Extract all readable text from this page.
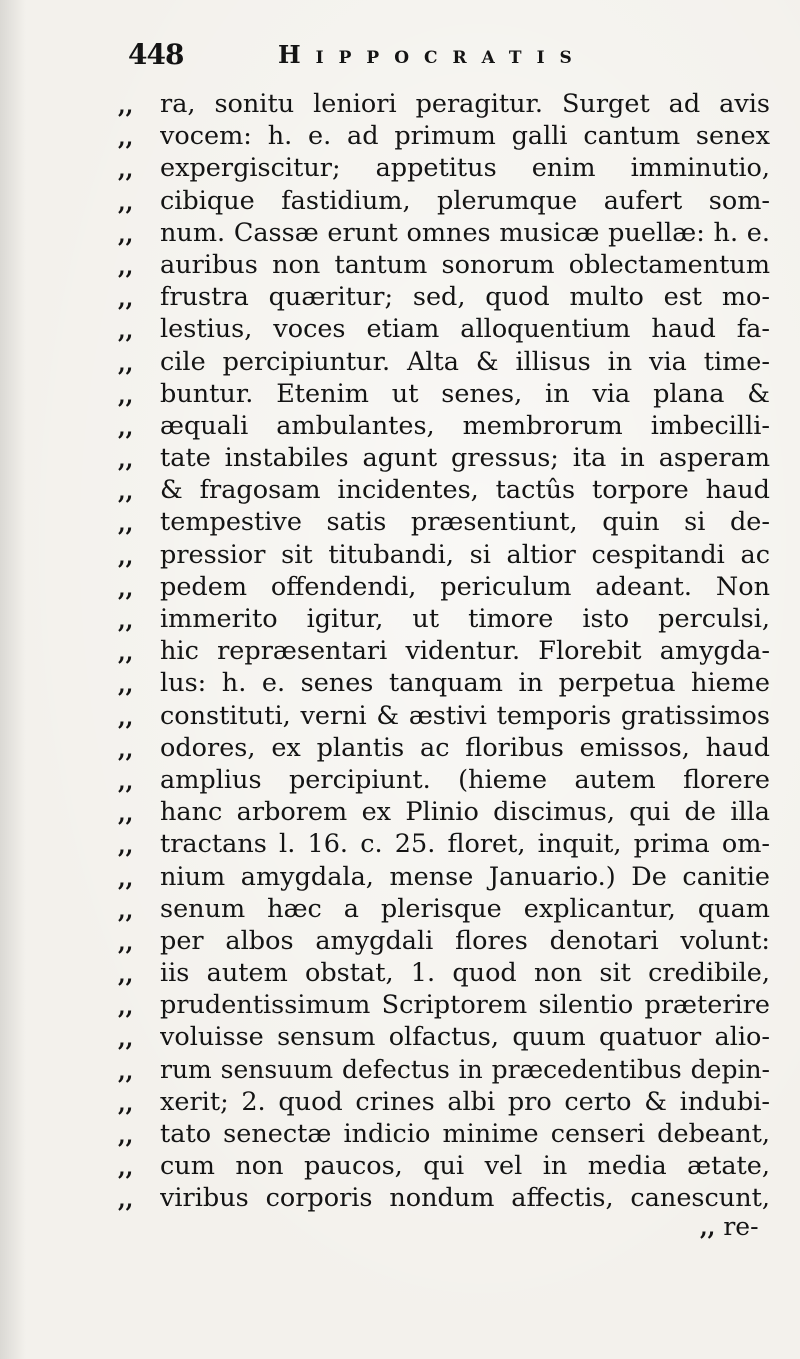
448	Hippocratis
,, ra, sonitu leniori peragitur. Surget ad avis
,, vocem: h. e. ad primum galli cantum senex
,, expergiscitur; appetitus enim imminutio,
,, cibique fastidium, plerumque aufert som-
,, num. Cassæ erunt omnes musicæ puellæ: h. e.
,, auribus non tantum sonorum oblectamentum
,, frustra quæritur; sed, quod multo est mo-
,, lestius, voces etiam alloquentium haud fa-
,, cile percipiuntur. Alta & illisus in via time-
,, buntur. Etenim ut senes, in via plana &
,, æquali ambulantes, membrorum imbecilli-
,, tate instabiles agunt gressus; ita in asperam
,, & fragosam incidentes, tactûs torpore haud
,, tempestive satis præsentiunt, quin si de-
,, pressior sit titubandi, si altior cespitandi ac
,, pedem offendendi, periculum adeant. Non
,, immerito igitur, ut timore isto perculsi,
,, hic repræsentari videntur. Florebit amygda-
,, lus: h. e. senes tanquam in perpetua hieme
,, constituti, verni & æstivi temporis gratissimos
,, odores, ex plantis ac floribus emissos, haud
,, amplius percipiunt. (hieme autem florere
,, hanc arborem ex Plinio discimus, qui de illa
,, tractans l. 16. c. 25. floret, inquit, prima om-
,, nium amygdala, mense Januario.) De canitie
,, senum hæc a plerisque explicantur, quam
,, per albos amygdali flores denotari volunt:
,, iis autem obstat, 1. quod non sit credibile,
,, prudentissimum Scriptorem silentio præterire
,, voluisse sensum olfactus, quum quatuor alio-
,, rum sensuum defectus in præcedentibus depin-
,, xerit; 2. quod crines albi pro certo & indubi-
,, tato senectæ indicio minime censeri debeant,
,, cum non paucos, qui vel in media ætate,
,, viribus corporis nondum affectis, canescunt,
,, re-
